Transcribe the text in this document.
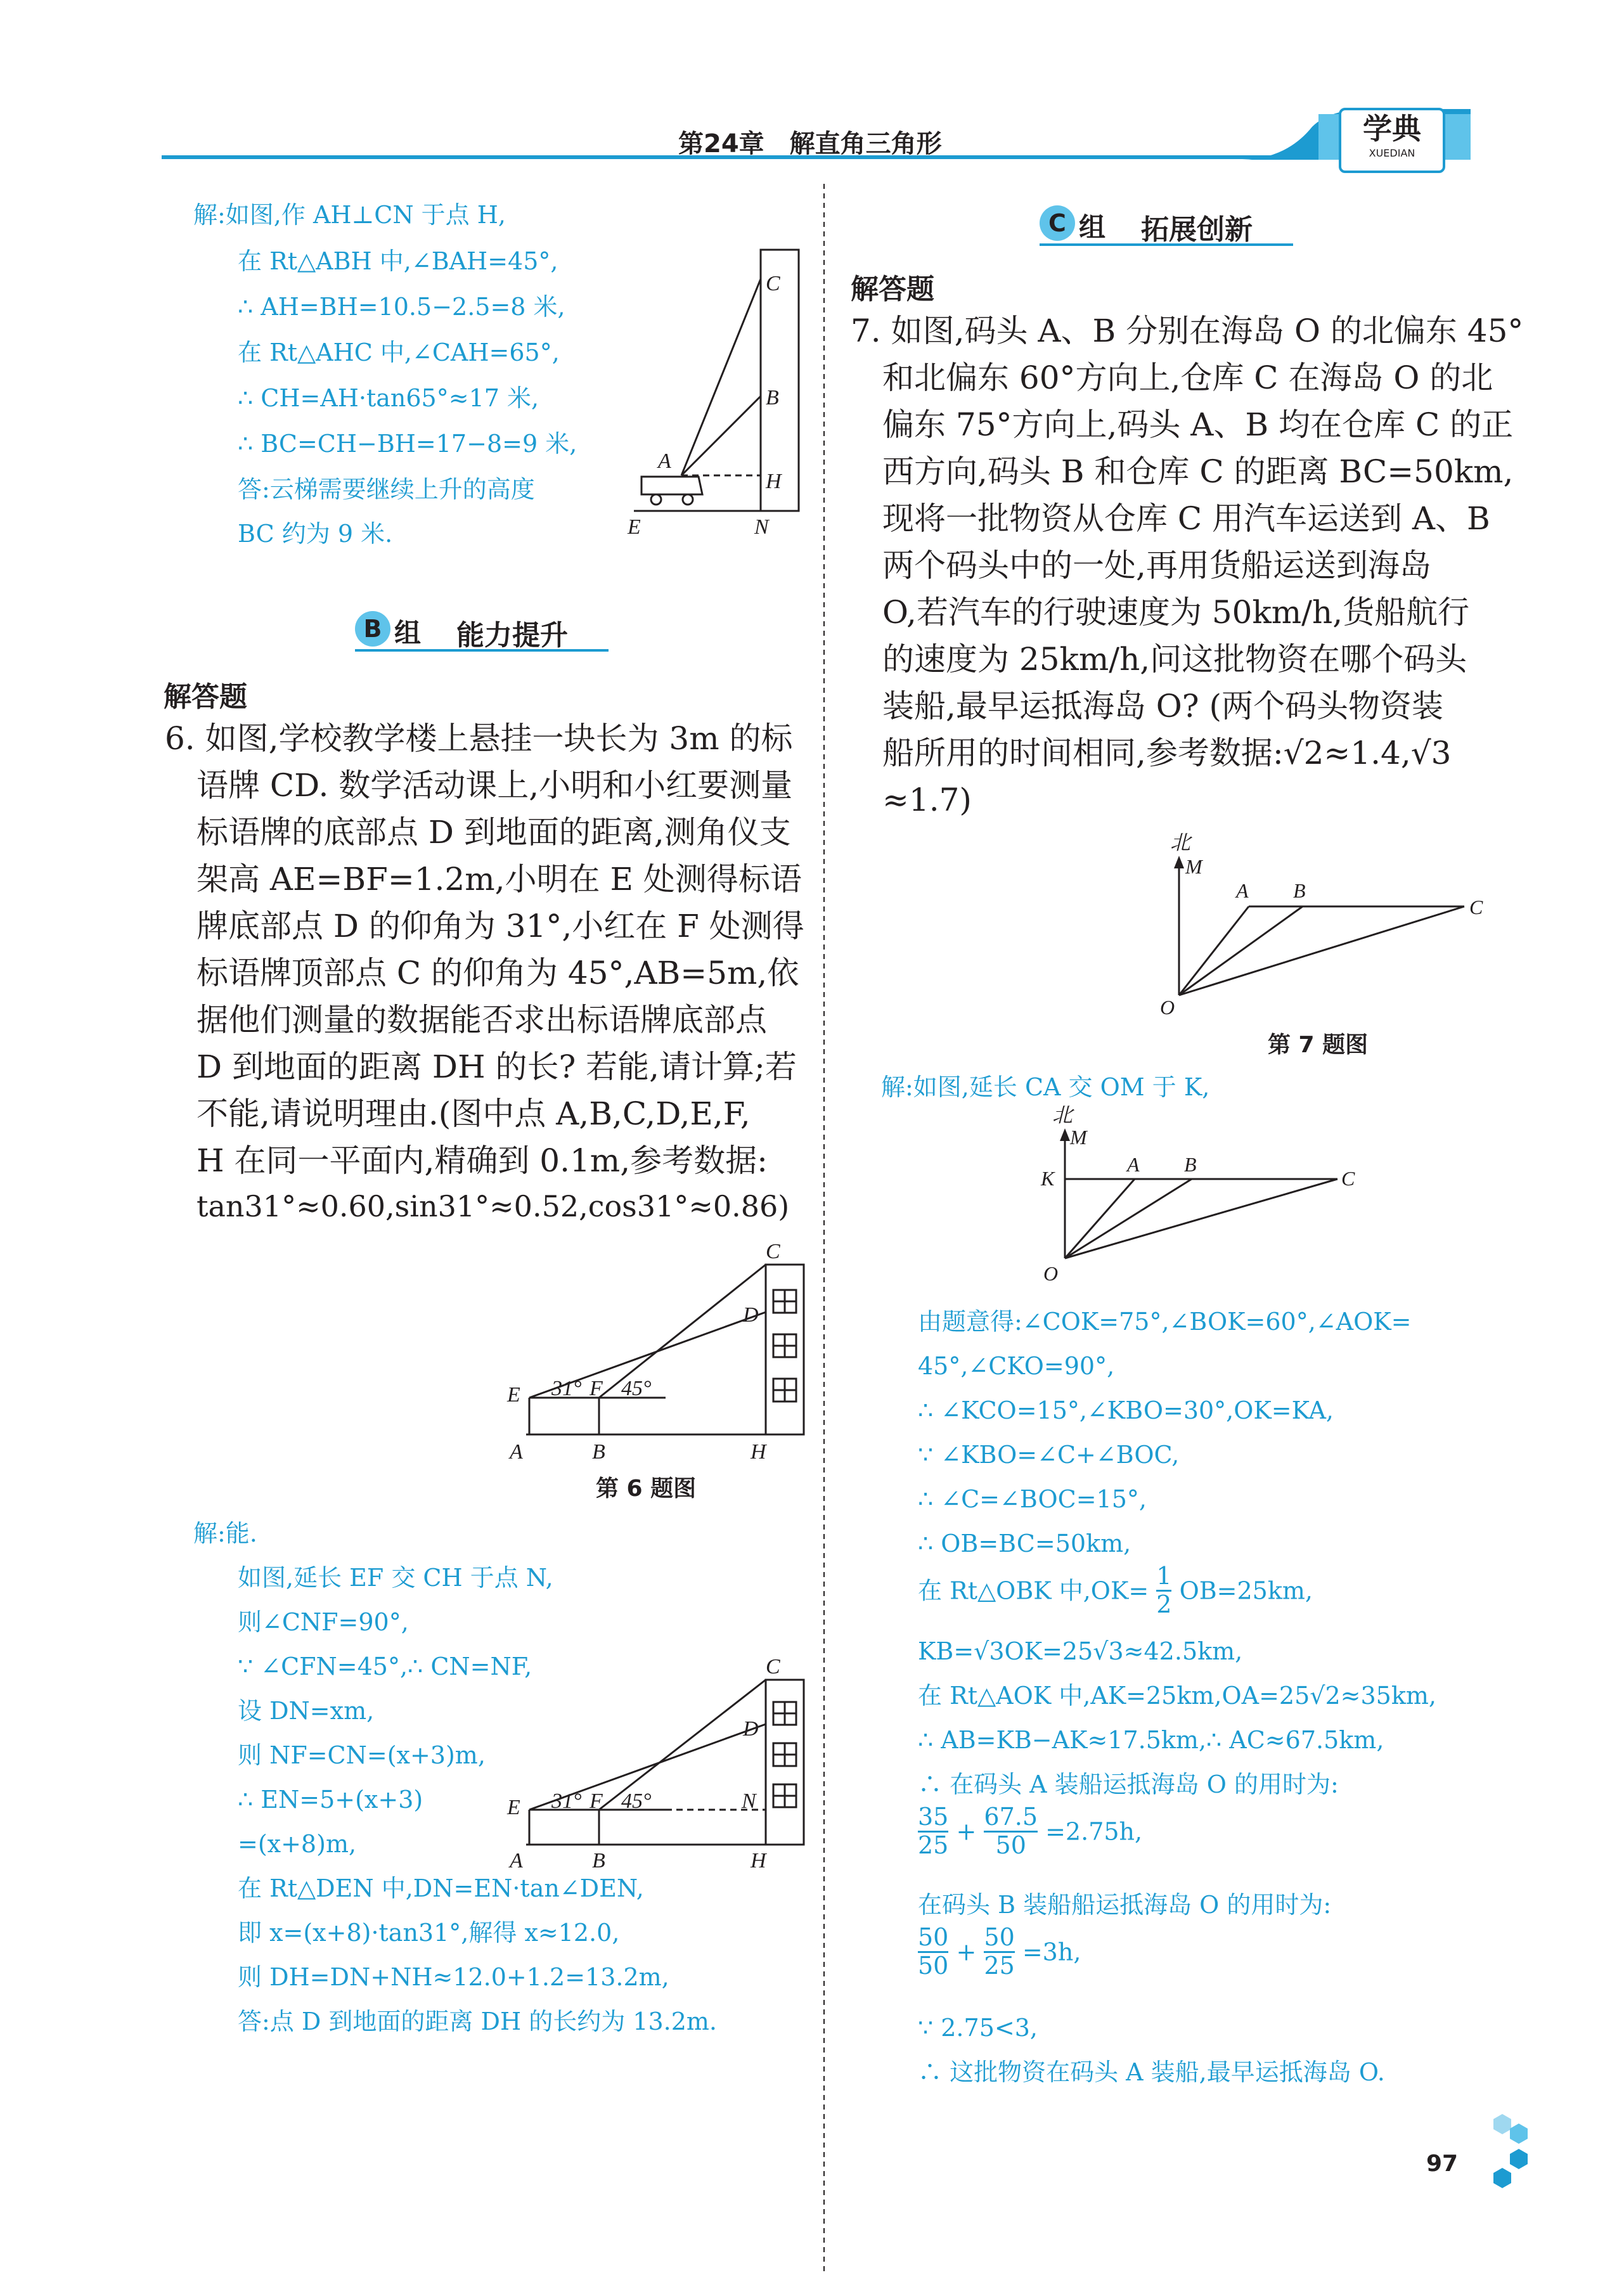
第24章　解直角三角形	学典
XUEDIAN
解:如图,作 AH⊥CN 于点 H,
在 Rt△ABH 中,∠BAH=45°,
∴ AH=BH=10.5−2.5=8 米,
在 Rt△AHC 中,∠CAH=65°,
∴ CH=AH·tan65°≈17 米,
∴ BC=CH−BH=17−8=9 米,
答:云梯需要继续上升的高度
BC 约为 9 米.
C
B
A
H
E	N
B 组 能力提升
解答题
6. 如图,学校教学楼上悬挂一块长为 3m 的标
语牌 CD. 数学活动课上,小明和小红要测量
标语牌的底部点 D 到地面的距离,测角仪支
架高 AE=BF=1.2m,小明在 E 处测得标语
牌底部点 D 的仰角为 31°,小红在 F 处测得
标语牌顶部点 C 的仰角为 45°,AB=5m,依
据他们测量的数据能否求出标语牌底部点
D 到地面的距离 DH 的长? 若能,请计算;若
不能,请说明理由.(图中点 A,B,C,D,E,F,
H 在同一平面内,精确到 0.1m,参考数据:
tan31°≈0.60,sin31°≈0.52,cos31°≈0.86)
C
D
E 31° F 45°
A	B	H
第 6 题图
解:能.
如图,延长 EF 交 CH 于点 N,
则∠CNF=90°,
∵ ∠CFN=45°,∴ CN=NF,
设 DN=xm,
则 NF=CN=(x+3)m,
∴ EN=5+(x+3)
=(x+8)m,
在 Rt△DEN 中,DN=EN·tan∠DEN,
即 x=(x+8)·tan31°,解得 x≈12.0,
则 DH=DN+NH≈12.0+1.2=13.2m,
答:点 D 到地面的距离 DH 的长约为 13.2m.
C
D
E 31° F 45°	N
A	B	H
C 组 拓展创新
解答题
7. 如图,码头 A、B 分别在海岛 O 的北偏东 45°
和北偏东 60°方向上,仓库 C 在海岛 O 的北
偏东 75°方向上,码头 A、B 均在仓库 C 的正
西方向,码头 B 和仓库 C 的距离 BC=50km,
现将一批物资从仓库 C 用汽车运送到 A、B
两个码头中的一处,再用货船运送到海岛
O,若汽车的行驶速度为 50km/h,货船航行
的速度为 25km/h,问这批物资在哪个码头
装船,最早运抵海岛 O? (两个码头物资装
船所用的时间相同,参考数据:√2≈1.4,√3
≈1.7)
北
M
A B
C
O
第 7 题图
解:如图,延长 CA 交 OM 于 K,
北
M
K
A B
C
O
由题意得:∠COK=75°,∠BOK=60°,∠AOK=
45°,∠CKO=90°,
∴ ∠KCO=15°,∠KBO=30°,OK=KA,
∵ ∠KBO=∠C+∠BOC,
∴ ∠C=∠BOC=15°,
∴ OB=BC=50km,
在 Rt△OBK 中$,OK= \frac{1}{2} OB=25km$,
KB=√3OK=25√3≈42.5km,
在 Rt△AOK 中,AK=25km,OA=25√2≈35km,
∴ AB=KB−AK≈17.5km,∴ AC≈67.5km,
∴ 在码头 A 装船运抵海岛 O 的用时为:
$\frac{35}{25} + \frac{67.5}{50} =2.75h$,
在码头 B 装船船运抵海岛 O 的用时为:
$\frac{50}{50} + \frac{50}{25} =3h$,
∵ 2.75<3,
∴ 这批物资在码头 A 装船,最早运抵海岛 O.
97
